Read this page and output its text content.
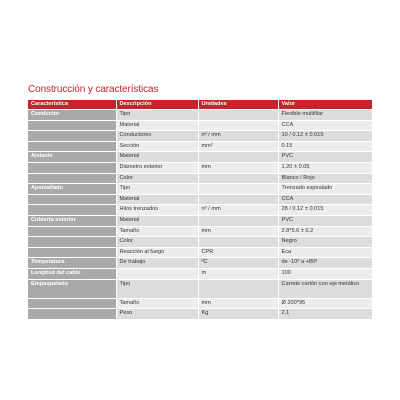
Construcción y características
Característica	Descripción	Unidades	Valor
Conductor	Tipo		Flexible multifilar
	Material		CCA
	Conductores	nº / mm	10 / 0.12 ± 0.015
	Sección	mm²	0.15
Aislante	Material		PVC
	Diámetro exterior	mm	1.20 ± 0.05
	Color		Blanco / Rojo
Apantallado	Tipo		Trenzado espiralado
	Material		CCA
	Hilos trenzados	nº / mm	28 / 0.12 ± 0.015
Cubierta exterior	Material		PVC
	Tamaño	mm	2.8*5.6 ± 0.2
	Color		Negro
	Reacción al fuego	CPR	Eca
Temperatura	De trabajo	ºC	de -10º a +80º
Longitud del cable		m	100
Empaquetado	Tipo		Carrete cartón con eje metálico
	Tamaño	mm	Ø 200*95
	Peso	Kg	2.1
